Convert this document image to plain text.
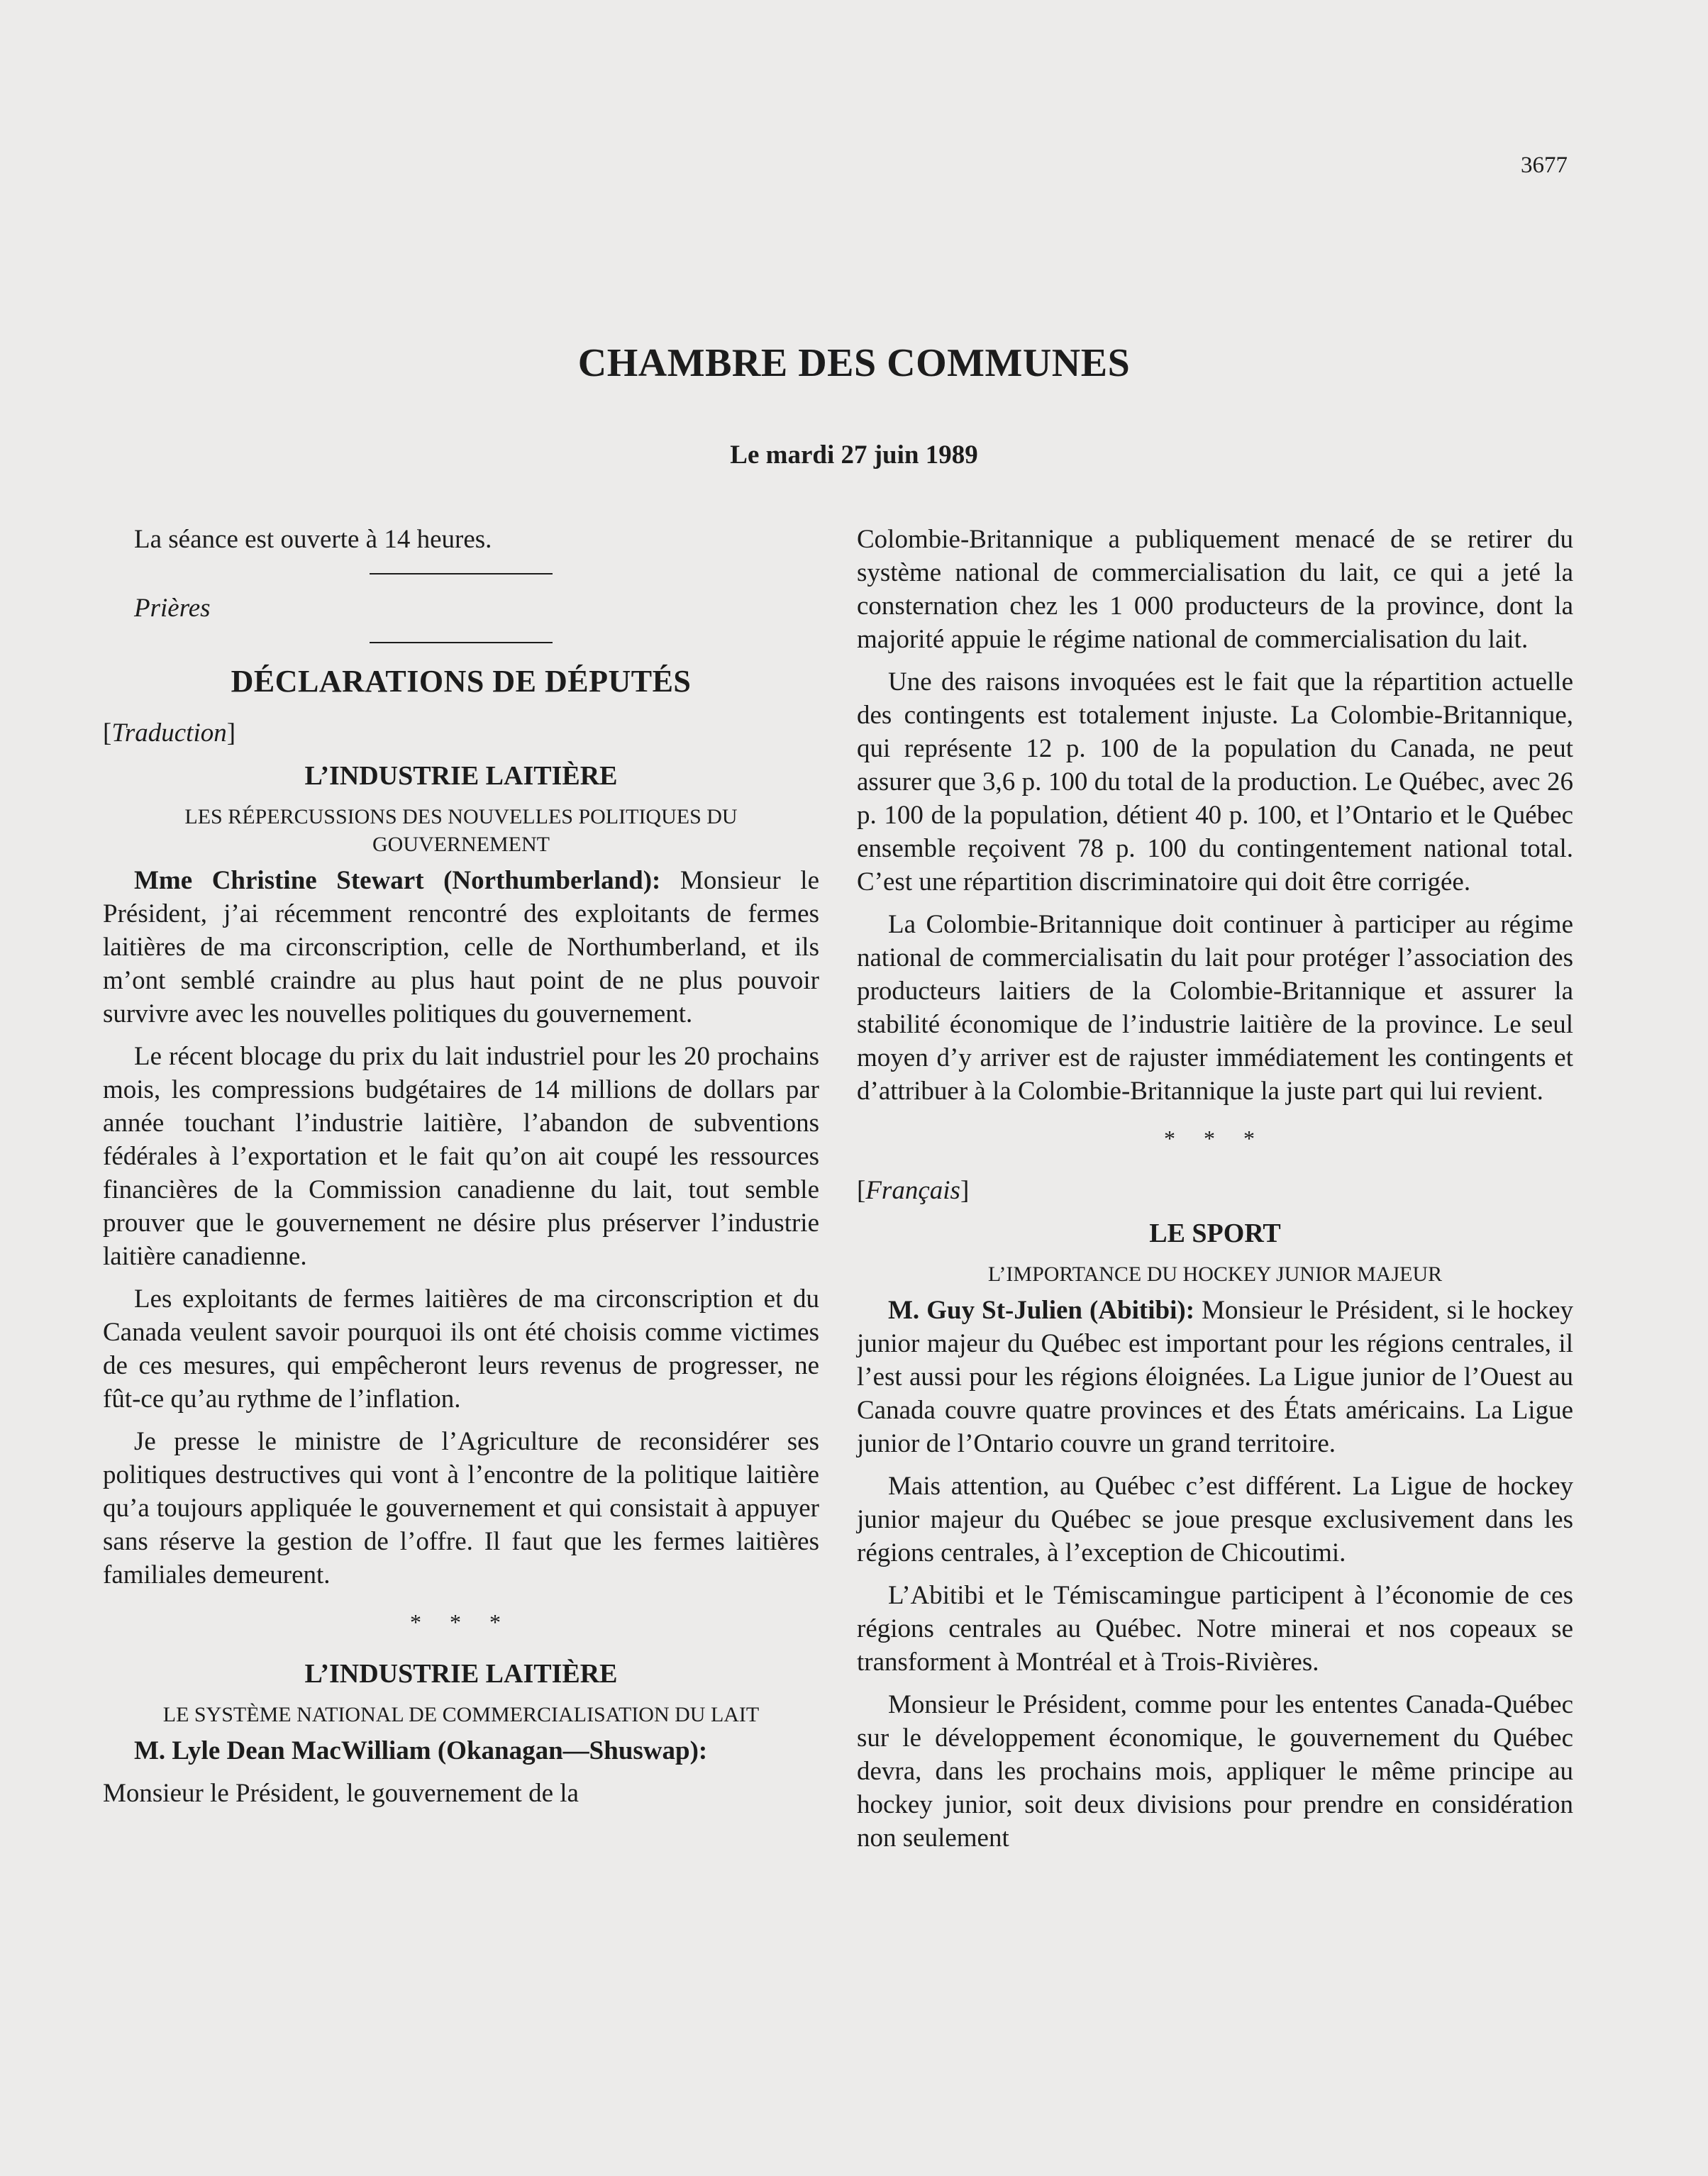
3677
CHAMBRE DES COMMUNES
Le mardi 27 juin 1989

La séance est ouverte à 14 heures.

Prières

DÉCLARATIONS DE DÉPUTÉS
[Traduction]
L’INDUSTRIE LAITIÈRE
LES RÉPERCUSSIONS DES NOUVELLES POLITIQUES DU GOUVERNEMENT

Mme Christine Stewart (Northumberland): Monsieur le Président, j’ai récemment rencontré des exploitants de fermes laitières de ma circonscription, celle de Northumberland, et ils m’ont semblé craindre au plus haut point de ne plus pouvoir survivre avec les nouvelles politiques du gouvernement.

Le récent blocage du prix du lait industriel pour les 20 prochains mois, les compressions budgétaires de 14 millions de dollars par année touchant l’industrie laitière, l’abandon de subventions fédérales à l’exportation et le fait qu’on ait coupé les ressources financières de la Commission canadienne du lait, tout semble prouver que le gouvernement ne désire plus préserver l’industrie laitière canadienne.

Les exploitants de fermes laitières de ma circonscription et du Canada veulent savoir pourquoi ils ont été choisis comme victimes de ces mesures, qui empêcheront leurs revenus de progresser, ne fût-ce qu’au rythme de l’inflation.

Je presse le ministre de l’Agriculture de reconsidérer ses politiques destructives qui vont à l’encontre de la politique laitière qu’a toujours appliquée le gouvernement et qui consistait à appuyer sans réserve la gestion de l’offre. Il faut que les fermes laitières familiales demeurent.

* * *
L’INDUSTRIE LAITIÈRE
LE SYSTÈME NATIONAL DE COMMERCIALISATION DU LAIT

M. Lyle Dean MacWilliam (Okanagan—Shuswap):

Monsieur le Président, le gouvernement de la

Colombie-Britannique a publiquement menacé de se retirer du système national de commercialisation du lait, ce qui a jeté la consternation chez les 1 000 producteurs de la province, dont la majorité appuie le régime national de commercialisation du lait.

Une des raisons invoquées est le fait que la répartition actuelle des contingents est totalement injuste. La Colombie-Britannique, qui représente 12 p. 100 de la population du Canada, ne peut assurer que 3,6 p. 100 du total de la production. Le Québec, avec 26 p. 100 de la population, détient 40 p. 100, et l’Ontario et le Québec ensemble reçoivent 78 p. 100 du contingentement national total. C’est une répartition discriminatoire qui doit être corrigée.

La Colombie-Britannique doit continuer à participer au régime national de commercialisatin du lait pour protéger l’association des producteurs laitiers de la Colombie-Britannique et assurer la stabilité économique de l’industrie laitière de la province. Le seul moyen d’y arriver est de rajuster immédiatement les contingents et d’attribuer à la Colombie-Britannique la juste part qui lui revient.

* * *
[Français]
LE SPORT
L’IMPORTANCE DU HOCKEY JUNIOR MAJEUR

M. Guy St-Julien (Abitibi): Monsieur le Président, si le hockey junior majeur du Québec est important pour les régions centrales, il l’est aussi pour les régions éloignées. La Ligue junior de l’Ouest au Canada couvre quatre provinces et des États américains. La Ligue junior de l’Ontario couvre un grand territoire.

Mais attention, au Québec c’est différent. La Ligue de hockey junior majeur du Québec se joue presque exclusivement dans les régions centrales, à l’exception de Chicoutimi.

L’Abitibi et le Témiscamingue participent à l’économie de ces régions centrales au Québec. Notre minerai et nos copeaux se transforment à Montréal et à Trois-Rivières.

Monsieur le Président, comme pour les ententes Canada-Québec sur le développement économique, le gouvernement du Québec devra, dans les prochains mois, appliquer le même principe au hockey junior, soit deux divisions pour prendre en considération non seulement
